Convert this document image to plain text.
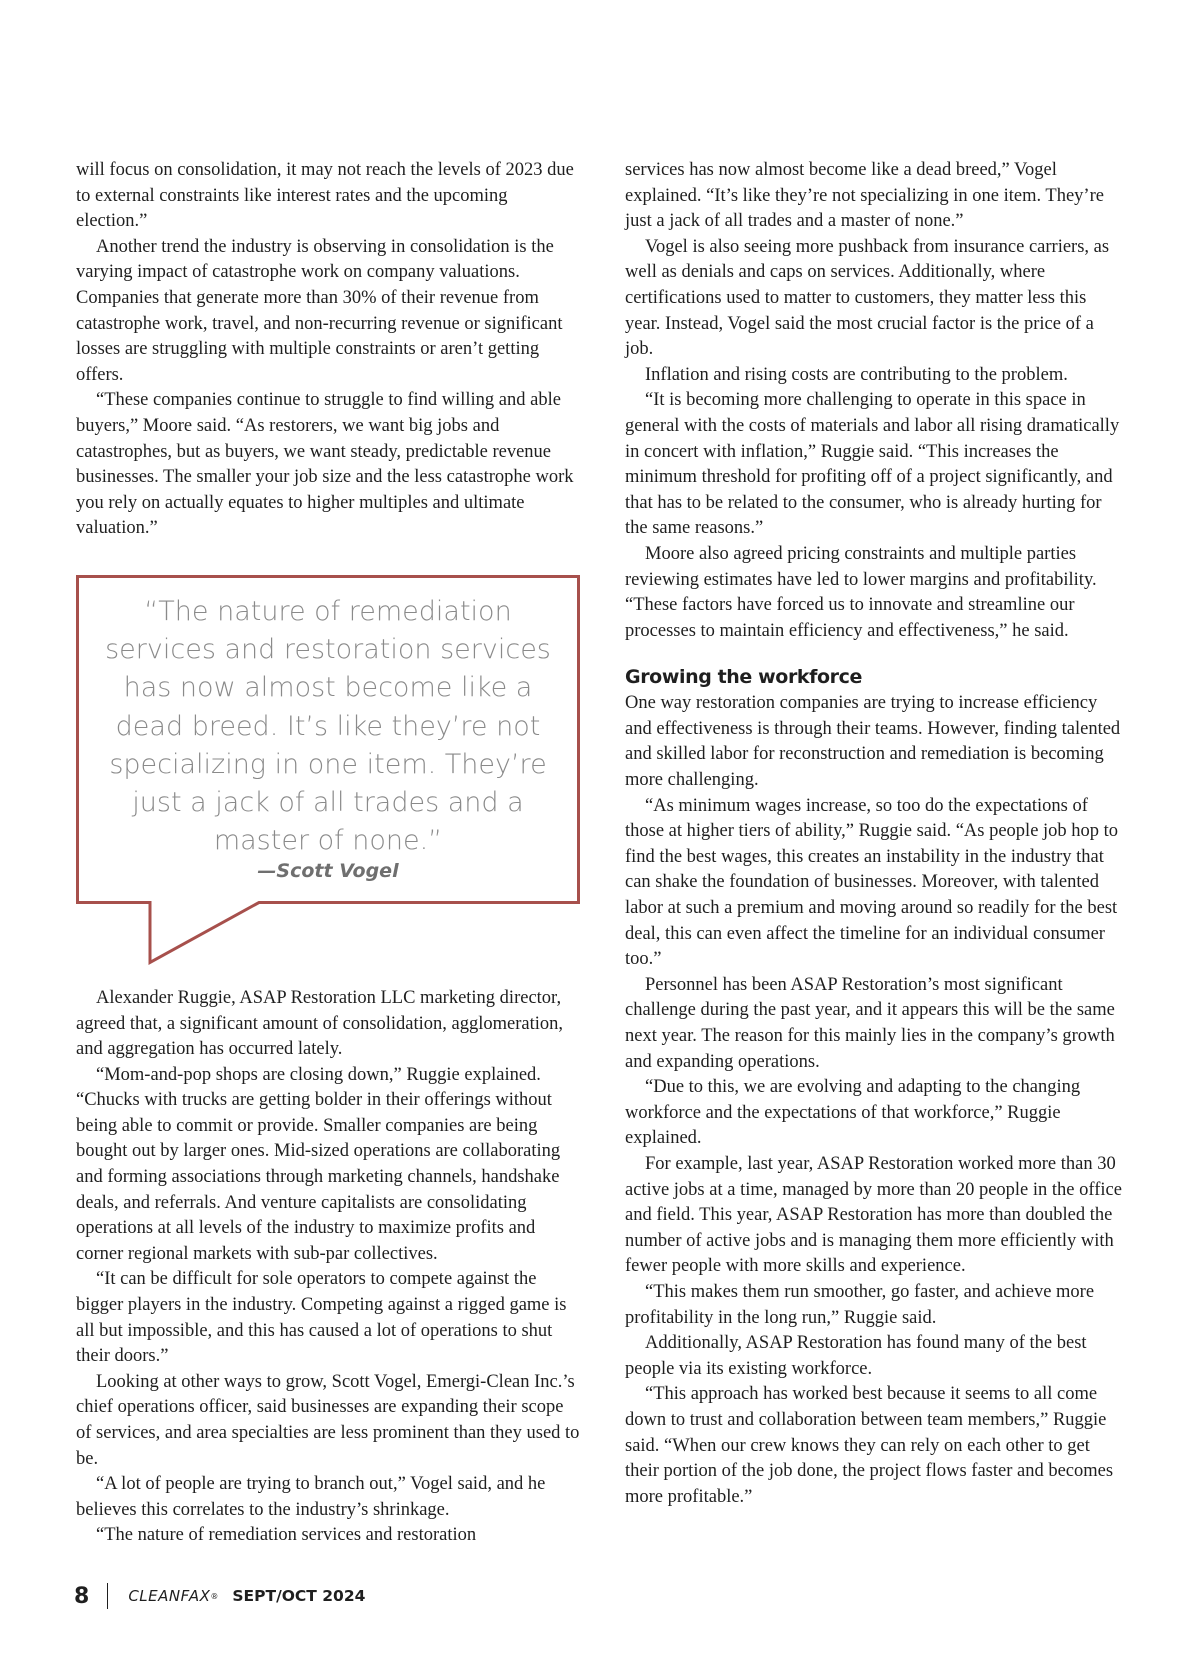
will focus on consolidation, it may not reach the levels of 2023 due to external constraints like interest rates and the upcoming election.”

Another trend the industry is observing in consolidation is the varying impact of catastrophe work on company valuations. Companies that generate more than 30% of their revenue from catastrophe work, travel, and non-recurring revenue or significant losses are struggling with multiple constraints or aren’t getting offers.

“These companies continue to struggle to find willing and able buyers,” Moore said. “As restorers, we want big jobs and catastrophes, but as buyers, we want steady, predictable revenue businesses. The smaller your job size and the less catastrophe work you rely on actually equates to higher multiples and ultimate valuation.”

“The nature of remediation services and restoration services has now almost become like a dead breed. It’s like they’re not specializing in one item. They’re just a jack of all trades and a master of none.”
—Scott Vogel

Alexander Ruggie, ASAP Restoration LLC marketing director, agreed that, a significant amount of consolidation, agglomeration, and aggregation has occurred lately.

“Mom-and-pop shops are closing down,” Ruggie explained. “Chucks with trucks are getting bolder in their offerings without being able to commit or provide. Smaller companies are being bought out by larger ones. Mid-sized operations are collaborating and forming associations through marketing channels, handshake deals, and referrals. And venture capitalists are consolidating operations at all levels of the industry to maximize profits and corner regional markets with sub-par collectives.

“It can be difficult for sole operators to compete against the bigger players in the industry. Competing against a rigged game is all but impossible, and this has caused a lot of operations to shut their doors.”

Looking at other ways to grow, Scott Vogel, Emergi-Clean Inc.’s chief operations officer, said businesses are expanding their scope of services, and area specialties are less prominent than they used to be.

“A lot of people are trying to branch out,” Vogel said, and he believes this correlates to the industry’s shrinkage.

“The nature of remediation services and restoration

services has now almost become like a dead breed,” Vogel explained. “It’s like they’re not specializing in one item. They’re just a jack of all trades and a master of none.”

Vogel is also seeing more pushback from insurance carriers, as well as denials and caps on services. Additionally, where certifications used to matter to customers, they matter less this year. Instead, Vogel said the most crucial factor is the price of a job.

Inflation and rising costs are contributing to the problem.

“It is becoming more challenging to operate in this space in general with the costs of materials and labor all rising dramatically in concert with inflation,” Ruggie said. “This increases the minimum threshold for profiting off of a project significantly, and that has to be related to the consumer, who is already hurting for the same reasons.”

Moore also agreed pricing constraints and multiple parties reviewing estimates have led to lower margins and profitability. “These factors have forced us to innovate and streamline our processes to maintain efficiency and effectiveness,” he said.

Growing the workforce

One way restoration companies are trying to increase efficiency and effectiveness is through their teams. However, finding talented and skilled labor for reconstruction and remediation is becoming more challenging.

“As minimum wages increase, so too do the expectations of those at higher tiers of ability,” Ruggie said. “As people job hop to find the best wages, this creates an instability in the industry that can shake the foundation of businesses. Moreover, with talented labor at such a premium and moving around so readily for the best deal, this can even affect the timeline for an individual consumer too.”

Personnel has been ASAP Restoration’s most significant challenge during the past year, and it appears this will be the same next year. The reason for this mainly lies in the company’s growth and expanding operations.

“Due to this, we are evolving and adapting to the changing workforce and the expectations of that workforce,” Ruggie explained.

For example, last year, ASAP Restoration worked more than 30 active jobs at a time, managed by more than 20 people in the office and field. This year, ASAP Restoration has more than doubled the number of active jobs and is managing them more efficiently with fewer people with more skills and experience.

“This makes them run smoother, go faster, and achieve more profitability in the long run,” Ruggie said.

Additionally, ASAP Restoration has found many of the best people via its existing workforce.

“This approach has worked best because it seems to all come down to trust and collaboration between team members,” Ruggie said. “When our crew knows they can rely on each other to get their portion of the job done, the project flows faster and becomes more profitable.”

8	CLEANFAX ® SEPT/OCT 2024
